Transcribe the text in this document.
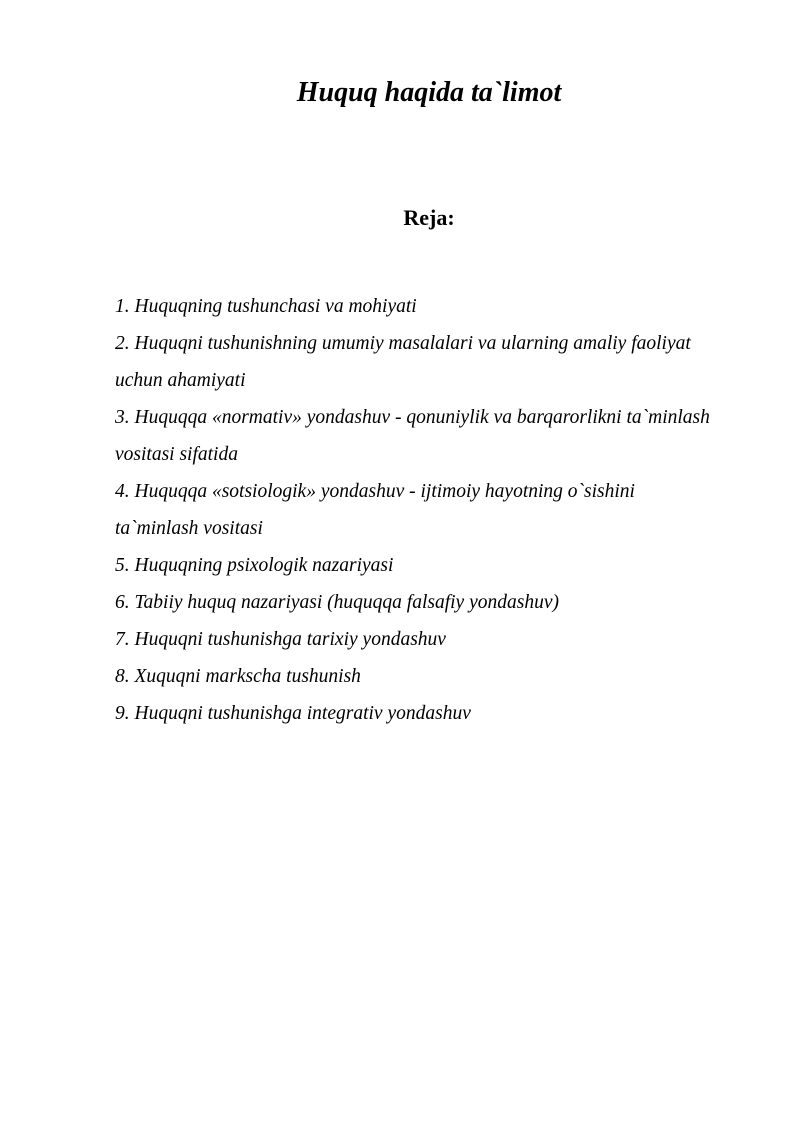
Huquq haqida ta`limot
Reja:
1. Huquqning tushunchasi va mohiyati
2. Huquqni tushunishning umumiy masalalari va ularning amaliy faoliyat uchun ahamiyati
3. Huquqqa «normativ» yondashuv - qonuniylik va barqarorlikni ta`minlash vositasi sifatida
4. Huquqqa «sotsiologik» yondashuv - ijtimoiy hayotning o`sishini ta`minlash vositasi
5. Huquqning psixologik nazariyasi
6. Tabiiy huquq nazariyasi (huquqqa falsafiy yondashuv)
7. Huquqni tushunishga tarixiy yondashuv
8. Xuquqni markscha tushunish
9. Huquqni tushunishga integrativ yondashuv
